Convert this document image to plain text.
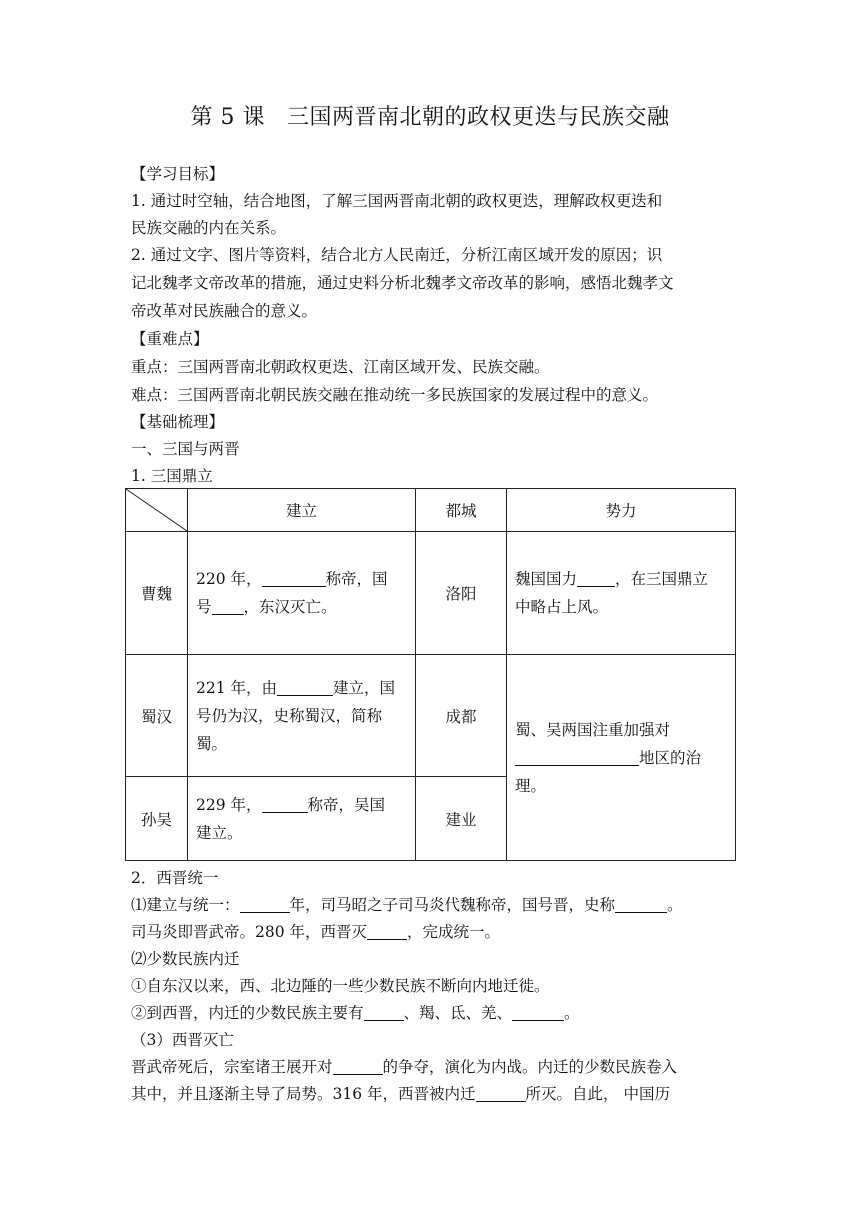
第 5 课 三国两晋南北朝的政权更迭与民族交融
【学习目标】
1. 通过时空轴，结合地图，了解三国两晋南北朝的政权更迭，理解政权更迭和
民族交融的内在关系。
2. 通过文字、图片等资料，结合北方人民南迁，分析江南区域开发的原因；识
记北魏孝文帝改革的措施，通过史料分析北魏孝文帝改革的影响，感悟北魏孝文
帝改革对民族融合的意义。
【重难点】
重点：三国两晋南北朝政权更迭、江南区域开发、民族交融。
难点：三国两晋南北朝民族交融在推动统一多民族国家的发展过程中的意义。
【基础梳理】
一、三国与两晋
1. 三国鼎立
	建立	都城	势力
曹魏	220 年， 称帝，国
号 ，东汉灭亡。	洛阳	魏国国力 ，在三国鼎立
中略占上风。

蜀汉	221 年，由 建立，国
号仍为汉，史称蜀汉，简称
蜀。	成都	蜀、吴两国注重加强对
地区的治
理。

孙吴	229 年， 称帝，吴国
建立。	建业	
2．西晋统一
⑴建立与统一：	年，司马昭之子司马炎代魏称帝，国号晋，史称	。
司马炎即晋武帝。280 年，西晋灭	，完成统一。
⑵少数民族内迁
①自东汉以来，西、北边陲的一些少数民族不断向内地迁徙。
②到西晋，内迁的少数民族主要有	、羯、氐、羌、	。
（3）西晋灭亡
晋武帝死后，宗室诸王展开对	的争夺，演化为内战。内迁的少数民族卷入
其中，并且逐渐主导了局势。316 年，西晋被内迁	所灭。自此， 中国历
